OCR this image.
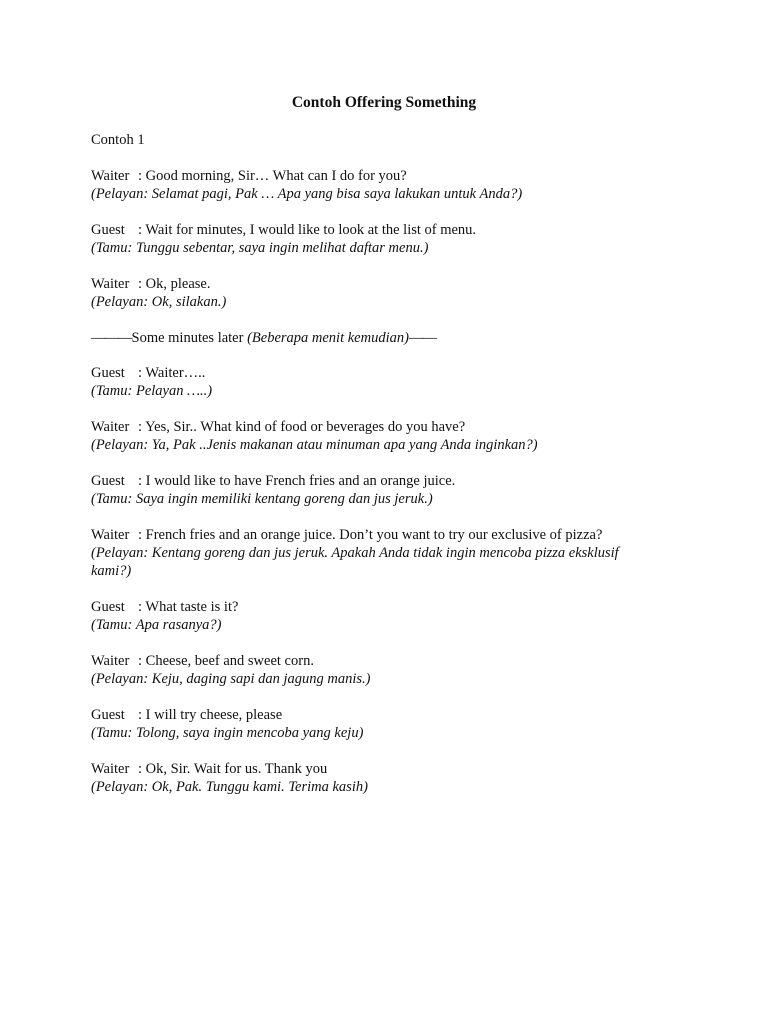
Contoh Offering Something
Contoh 1
Waiter : Good morning, Sir… What can I do for you?
(Pelayan: Selamat pagi, Pak … Apa yang bisa saya lakukan untuk Anda?)
Guest : Wait for minutes, I would like to look at the list of menu.
(Tamu: Tunggu sebentar, saya ingin melihat daftar menu.)
Waiter : Ok, please.
(Pelayan: Ok, silakan.)
———Some minutes later (Beberapa menit kemudian)——
Guest : Waiter…..
(Tamu: Pelayan …..)
Waiter : Yes, Sir.. What kind of food or beverages do you have?
(Pelayan: Ya, Pak ..Jenis makanan atau minuman apa yang Anda inginkan?)
Guest : I would like to have French fries and an orange juice.
(Tamu: Saya ingin memiliki kentang goreng dan jus jeruk.)
Waiter : French fries and an orange juice. Don’t you want to try our exclusive of pizza?
(Pelayan: Kentang goreng dan jus jeruk. Apakah Anda tidak ingin mencoba pizza eksklusif kami?)
Guest : What taste is it?
(Tamu: Apa rasanya?)
Waiter : Cheese, beef and sweet corn.
(Pelayan: Keju, daging sapi dan jagung manis.)
Guest : I will try cheese, please
(Tamu: Tolong, saya ingin mencoba yang keju)
Waiter : Ok, Sir. Wait for us. Thank you
(Pelayan: Ok, Pak. Tunggu kami. Terima kasih)
